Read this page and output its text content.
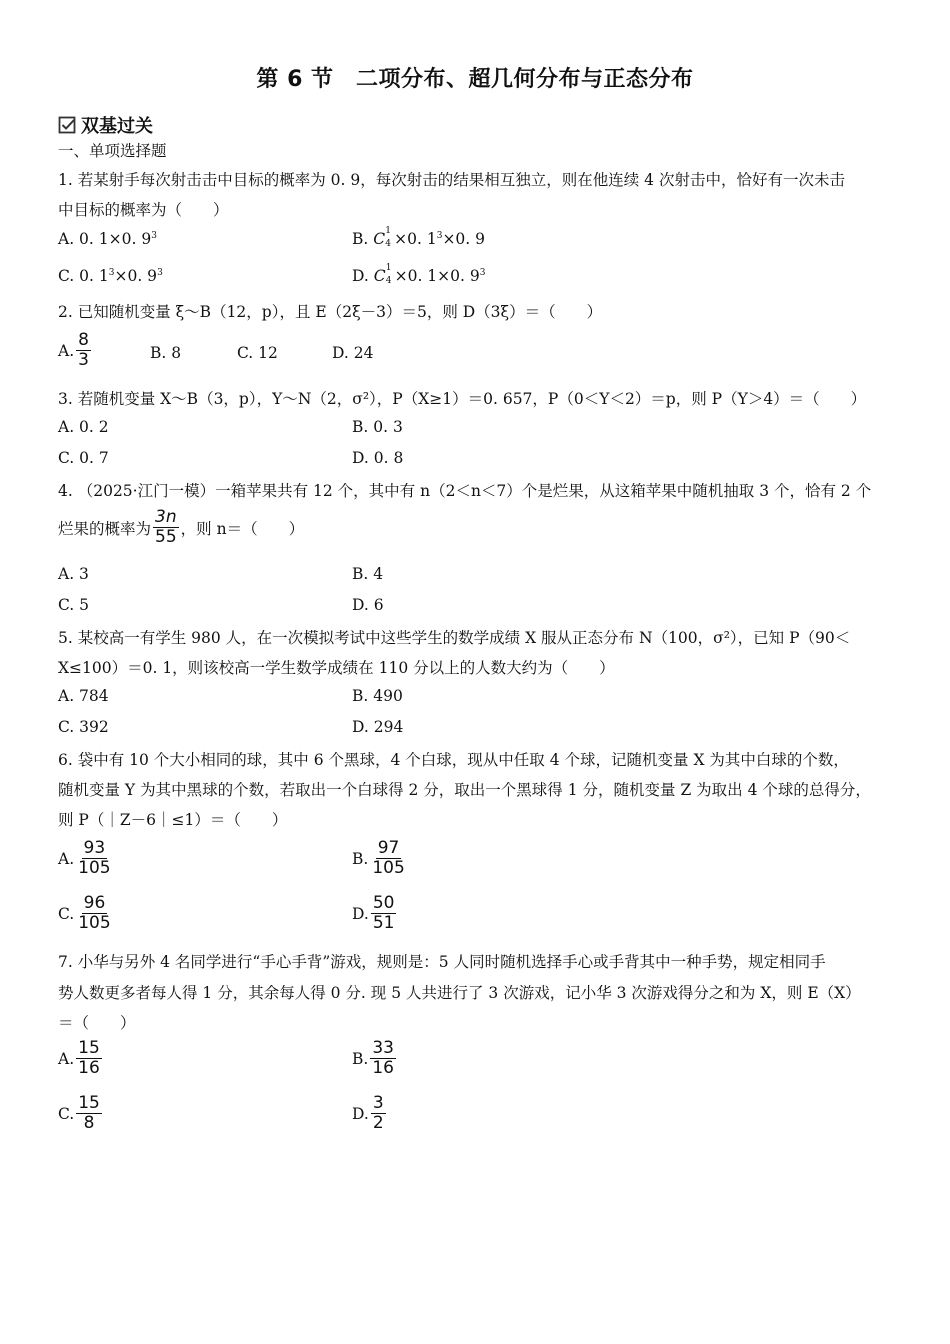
第 6 节　二项分布、超几何分布与正态分布
双基过关
一、单项选择题
1. 若某射手每次射击击中目标的概率为 0. 9，每次射击的结果相互独立，则在他连续 4 次射击中，恰好有一次未击
中目标的概率为（　　）
A. 0. 1×0. $9^3$	B. C 1
4 ×0. $1^3\times 0$. 9
C. 0. $1^3\times 0$. $9^3$	D. C 1
4 ×0. 1×0. $9^3$
2. 已知随机变量 ξ～B（12，p），且 E（2ξ－3）＝5，则 D（3ξ）＝（　　）
A. $\frac{8}{3}$	B. 8	C. 12	D. 24
3. 若随机变量 X～B（3，p），Y～N（2，σ²），P（X≥1）＝0. 657，P（0＜Y＜2）＝p，则 P（Y＞4）＝（　　）
A. 0. 2	B. 0. 3
C. 0. 7	D. 0. 8
4. （2025·江门一模）一箱苹果共有 12 个，其中有 n（2＜n＜7）个是烂果，从这箱苹果中随机抽取 3 个，恰有 2 个
烂果的概率为 $\frac{3n}{55}$ ，则 n＝（　　）
A. 3	B. 4
C. 5	D. 6
5. 某校高一有学生 980 人，在一次模拟考试中这些学生的数学成绩 X 服从正态分布 N（100，σ²），已知 P（90＜
X≤100）＝0. 1，则该校高一学生数学成绩在 110 分以上的人数大约为（　　）
A. 784	B. 490
C. 392	D. 294
6. 袋中有 10 个大小相同的球，其中 6 个黑球，4 个白球，现从中任取 4 个球，记随机变量 X 为其中白球的个数，
随机变量 Y 为其中黑球的个数，若取出一个白球得 2 分，取出一个黑球得 1 分，随机变量 Z 为取出 4 个球的总得分，
则 P（｜Z－6｜≤1）＝（　　）
A. $\frac{93}{105}$	B. $\frac{97}{105}$
C. $\frac{96}{105}$	D. $\frac{50}{51}$
7. 小华与另外 4 名同学进行“手心手背”游戏，规则是：5 人同时随机选择手心或手背其中一种手势，规定相同手
势人数更多者每人得 1 分，其余每人得 0 分. 现 5 人共进行了 3 次游戏，记小华 3 次游戏得分之和为 X，则 E（X）
＝（　　）
A. $\frac{15}{16}$	B. $\frac{33}{16}$
C. $\frac{15}{8}$	D. $\frac{3}{2}$
